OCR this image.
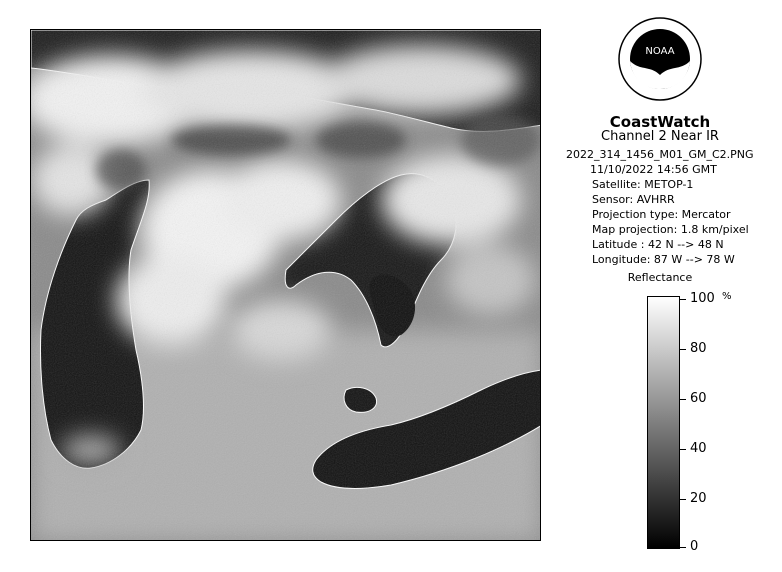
NOAA
CoastWatch
Channel 2 Near IR
2022_314_1456_M01_GM_C2.PNG
11/10/2022 14:56 GMT
Satellite: METOP-1
Sensor: AVHRR
Projection type: Mercator
Map projection: 1.8 km/pixel
Latitude : 42 N --> 48 N
Longitude: 87 W --> 78 W
Reflectance
%
100
80
60
40
20
0
